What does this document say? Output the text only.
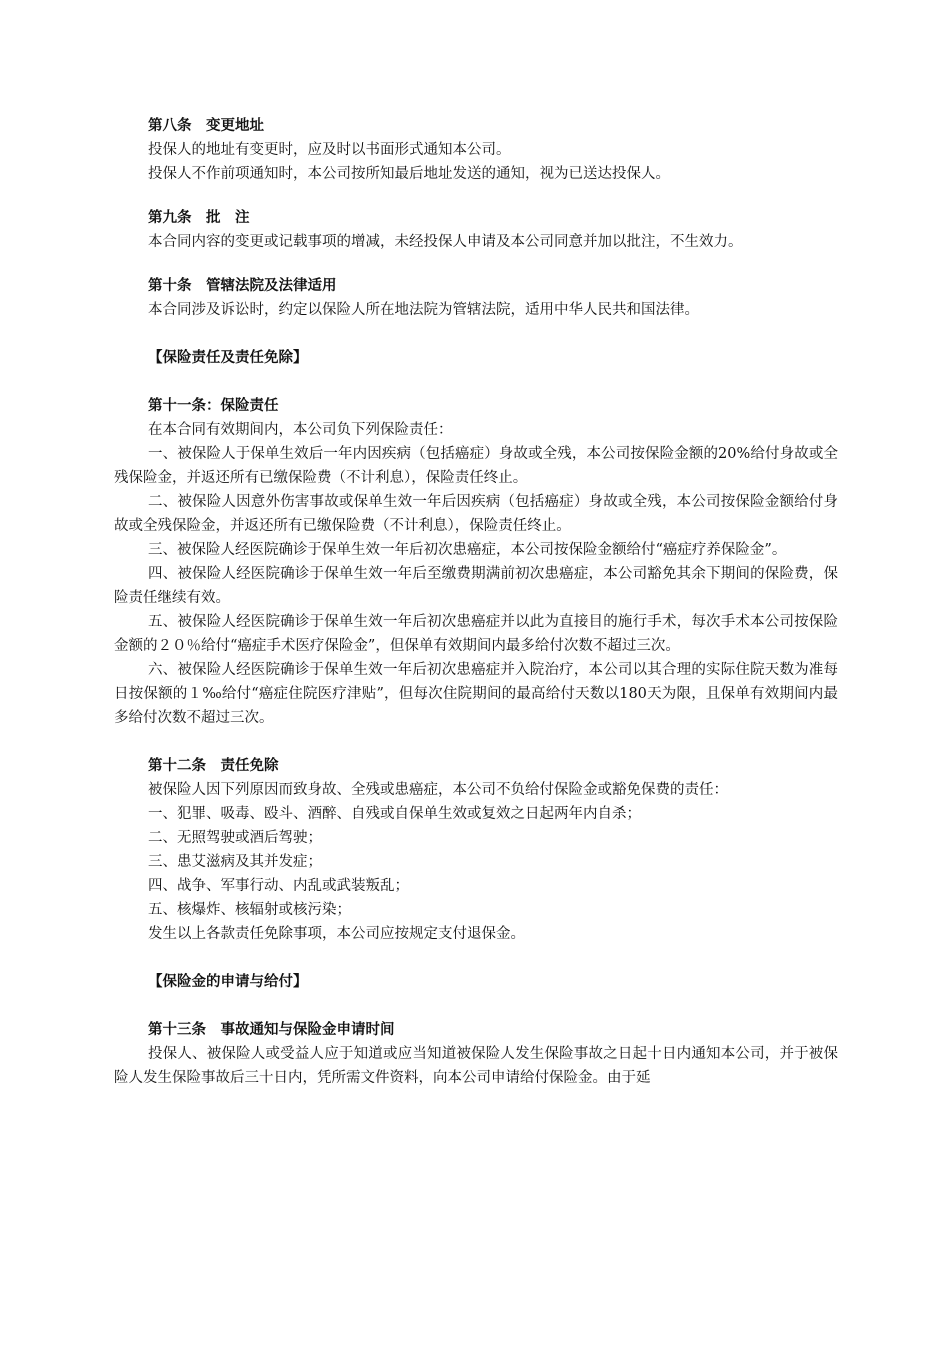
第八条　变更地址
投保人的地址有变更时，应及时以书面形式通知本公司。
投保人不作前项通知时，本公司按所知最后地址发送的通知，视为已送达投保人。
第九条　批　注
本合同内容的变更或记载事项的增减，未经投保人申请及本公司同意并加以批注，不生效力。
第十条　管辖法院及法律适用
本合同涉及诉讼时，约定以保险人所在地法院为管辖法院，适用中华人民共和国法律。
【保险责任及责任免除】
第十一条：保险责任
在本合同有效期间内，本公司负下列保险责任：
一、被保险人于保单生效后一年内因疾病（包括癌症）身故或全残，本公司按保险金额的20%给付身故或全残保险金，并返还所有已缴保险费（不计利息），保险责任终止。
二、被保险人因意外伤害事故或保单生效一年后因疾病（包括癌症）身故或全残，本公司按保险金额给付身故或全残保险金，并返还所有已缴保险费（不计利息），保险责任终止。
三、被保险人经医院确诊于保单生效一年后初次患癌症，本公司按保险金额给付“癌症疗养保险金”。
四、被保险人经医院确诊于保单生效一年后至缴费期满前初次患癌症，本公司豁免其余下期间的保险费，保险责任继续有效。
五、被保险人经医院确诊于保单生效一年后初次患癌症并以此为直接目的施行手术，每次手术本公司按保险金额的２０％给付“癌症手术医疗保险金”，但保单有效期间内最多给付次数不超过三次。
六、被保险人经医院确诊于保单生效一年后初次患癌症并入院治疗，本公司以其合理的实际住院天数为准每日按保额的１‰给付“癌症住院医疗津贴”，但每次住院期间的最高给付天数以180天为限，且保单有效期间内最多给付次数不超过三次。
第十二条　责任免除
被保险人因下列原因而致身故、全残或患癌症，本公司不负给付保险金或豁免保费的责任：
一、犯罪、吸毒、殴斗、酒醉、自残或自保单生效或复效之日起两年内自杀；
二、无照驾驶或酒后驾驶；
三、患艾滋病及其并发症；
四、战争、军事行动、内乱或武装叛乱；
五、核爆炸、核辐射或核污染；
发生以上各款责任免除事项，本公司应按规定支付退保金。
【保险金的申请与给付】
第十三条　事故通知与保险金申请时间
投保人、被保险人或受益人应于知道或应当知道被保险人发生保险事故之日起十日内通知本公司，并于被保险人发生保险事故后三十日内，凭所需文件资料，向本公司申请给付保险金。由于延
